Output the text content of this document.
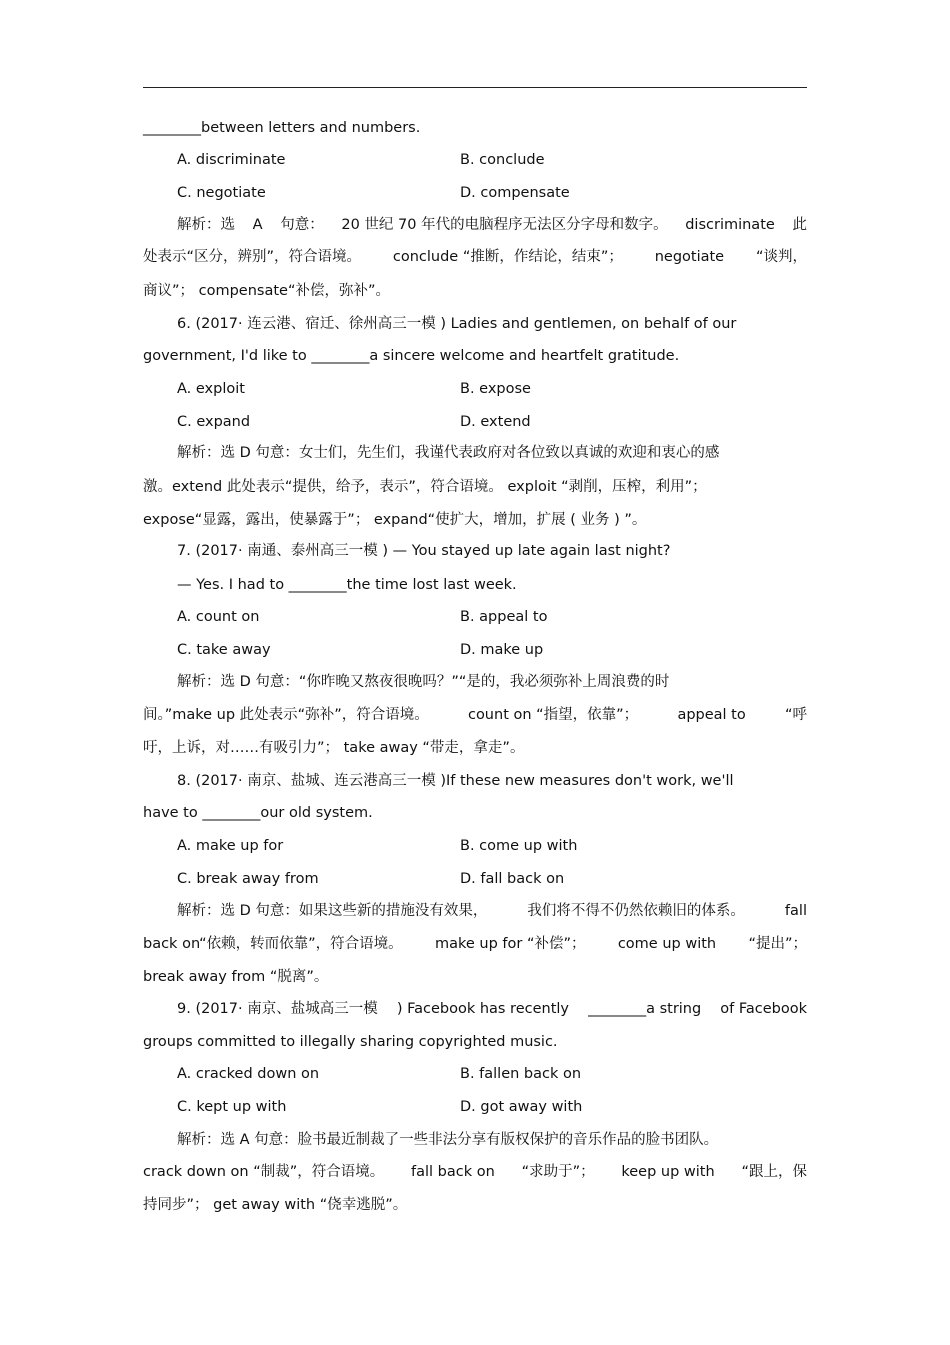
________between letters and numbers.
A. discriminate	B. conclude
C. negotiate	D. compensate
解析：选 A 句意： 20 世纪 70 年代的电脑程序无法区分字母和数字。 discriminate 此
处表示“区分，辨别”，符合语境。 conclude “推断，作结论，结束”； negotiate “谈判，
商议”； compensate“补偿，弥补”。
6. (2017· 连云港、宿迁、徐州高三一模 ) Ladies and gentlemen, on behalf of our
government, I'd like to ________a sincere welcome and heartfelt gratitude.
A. exploit	B. expose
C. expand	D. extend
解析：选 D 句意：女士们，先生们，我谨代表政府对各位致以真诚的欢迎和衷心的感
激。extend 此处表示“提供，给予，表示”，符合语境。 exploit “剥削，压榨，利用”；
expose“显露，露出，使暴露于”； expand“使扩大，增加，扩展 ( 业务 ) ”。
7. (2017· 南通、泰州高三一模 ) — You stayed up late again last night?
— Yes. I had to ________the time lost last week.
A. count on	B. appeal to
C. take away	D. make up
解析：选 D 句意：“你昨晚又熬夜很晚吗？”“是的，我必须弥补上周浪费的时
间。”make up 此处表示“弥补”，符合语境。	count on “指望，依靠”；	appeal to	“呼
吁，上诉，对……有吸引力”； take away “带走，拿走”。
8. (2017· 南京、盐城、连云港高三一模 )If these new measures don't work, we'll
have to ________our old system.
A. make up for	B. come up with
C. break away from	D. fall back on
解析：选 D 句意：如果这些新的措施没有效果，	我们将不得不仍然依赖旧的体系。	fall
back on“依赖，转而依靠”，符合语境。 make up for “补偿”； come up with “提出”；
break away from “脱离”。
9. (2017· 南京、盐城高三一模 ) Facebook has recently ________a string of Facebook
groups committed to illegally sharing copyrighted music.
A. cracked down on	B. fallen back on
C. kept up with	D. got away with
解析：选 A 句意：脸书最近制裁了一些非法分享有版权保护的音乐作品的脸书团队。
crack down on “制裁”，符合语境。 fall back on “求助于”； keep up with “跟上，保
持同步”； get away with “侥幸逃脱”。
